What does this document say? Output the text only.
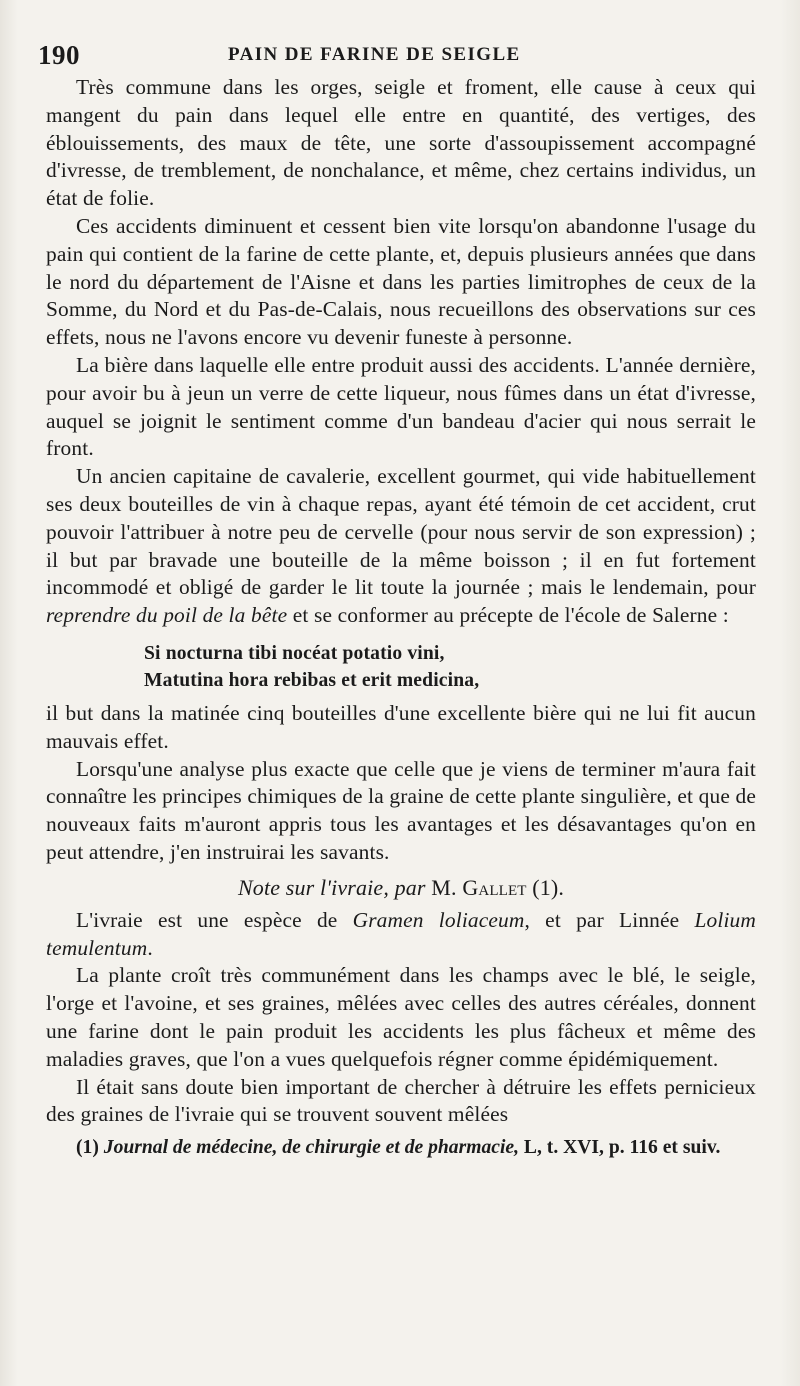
190	PAIN DE FARINE DE SEIGLE

Très commune dans les orges, seigle et froment, elle cause à ceux qui mangent du pain dans lequel elle entre en quantité, des vertiges, des éblouissements, des maux de tête, une sorte d'assoupissement accompagné d'ivresse, de tremblement, de nonchalance, et même, chez certains individus, un état de folie.

Ces accidents diminuent et cessent bien vite lorsqu'on abandonne l'usage du pain qui contient de la farine de cette plante, et, depuis plusieurs années que dans le nord du département de l'Aisne et dans les parties limitrophes de ceux de la Somme, du Nord et du Pas-de-Calais, nous recueillons des observations sur ces effets, nous ne l'avons encore vu devenir funeste à personne.

La bière dans laquelle elle entre produit aussi des accidents. L'année dernière, pour avoir bu à jeun un verre de cette liqueur, nous fûmes dans un état d'ivresse, auquel se joignit le sentiment comme d'un bandeau d'acier qui nous serrait le front.

Un ancien capitaine de cavalerie, excellent gourmet, qui vide habituellement ses deux bouteilles de vin à chaque repas, ayant été témoin de cet accident, crut pouvoir l'attribuer à notre peu de cervelle (pour nous servir de son expression) ; il but par bravade une bouteille de la même boisson ; il en fut fortement incommodé et obligé de garder le lit toute la journée ; mais le lendemain, pour reprendre du poil de la bête et se conformer au précepte de l'école de Salerne :

Si nocturna tibi nocéat potatio vini,
Matutina hora rebibas et erit medicina,

il but dans la matinée cinq bouteilles d'une excellente bière qui ne lui fit aucun mauvais effet.

Lorsqu'une analyse plus exacte que celle que je viens de terminer m'aura fait connaître les principes chimiques de la graine de cette plante singulière, et que de nouveaux faits m'auront appris tous les avantages et les désavantages qu'on en peut attendre, j'en instruirai les savants.

Note sur l'ivraie, par M. Gallet (1).

L'ivraie est une espèce de Gramen loliaceum, et par Linnée Lolium temulentum.

La plante croît très communément dans les champs avec le blé, le seigle, l'orge et l'avoine, et ses graines, mêlées avec celles des autres céréales, donnent une farine dont le pain produit les accidents les plus fâcheux et même des maladies graves, que l'on a vues quelquefois régner comme épidémiquement.

Il était sans doute bien important de chercher à détruire les effets pernicieux des graines de l'ivraie qui se trouvent souvent mêlées

(1) Journal de médecine, de chirurgie et de pharmacie, L, t. XVI, p. 116 et suiv.
